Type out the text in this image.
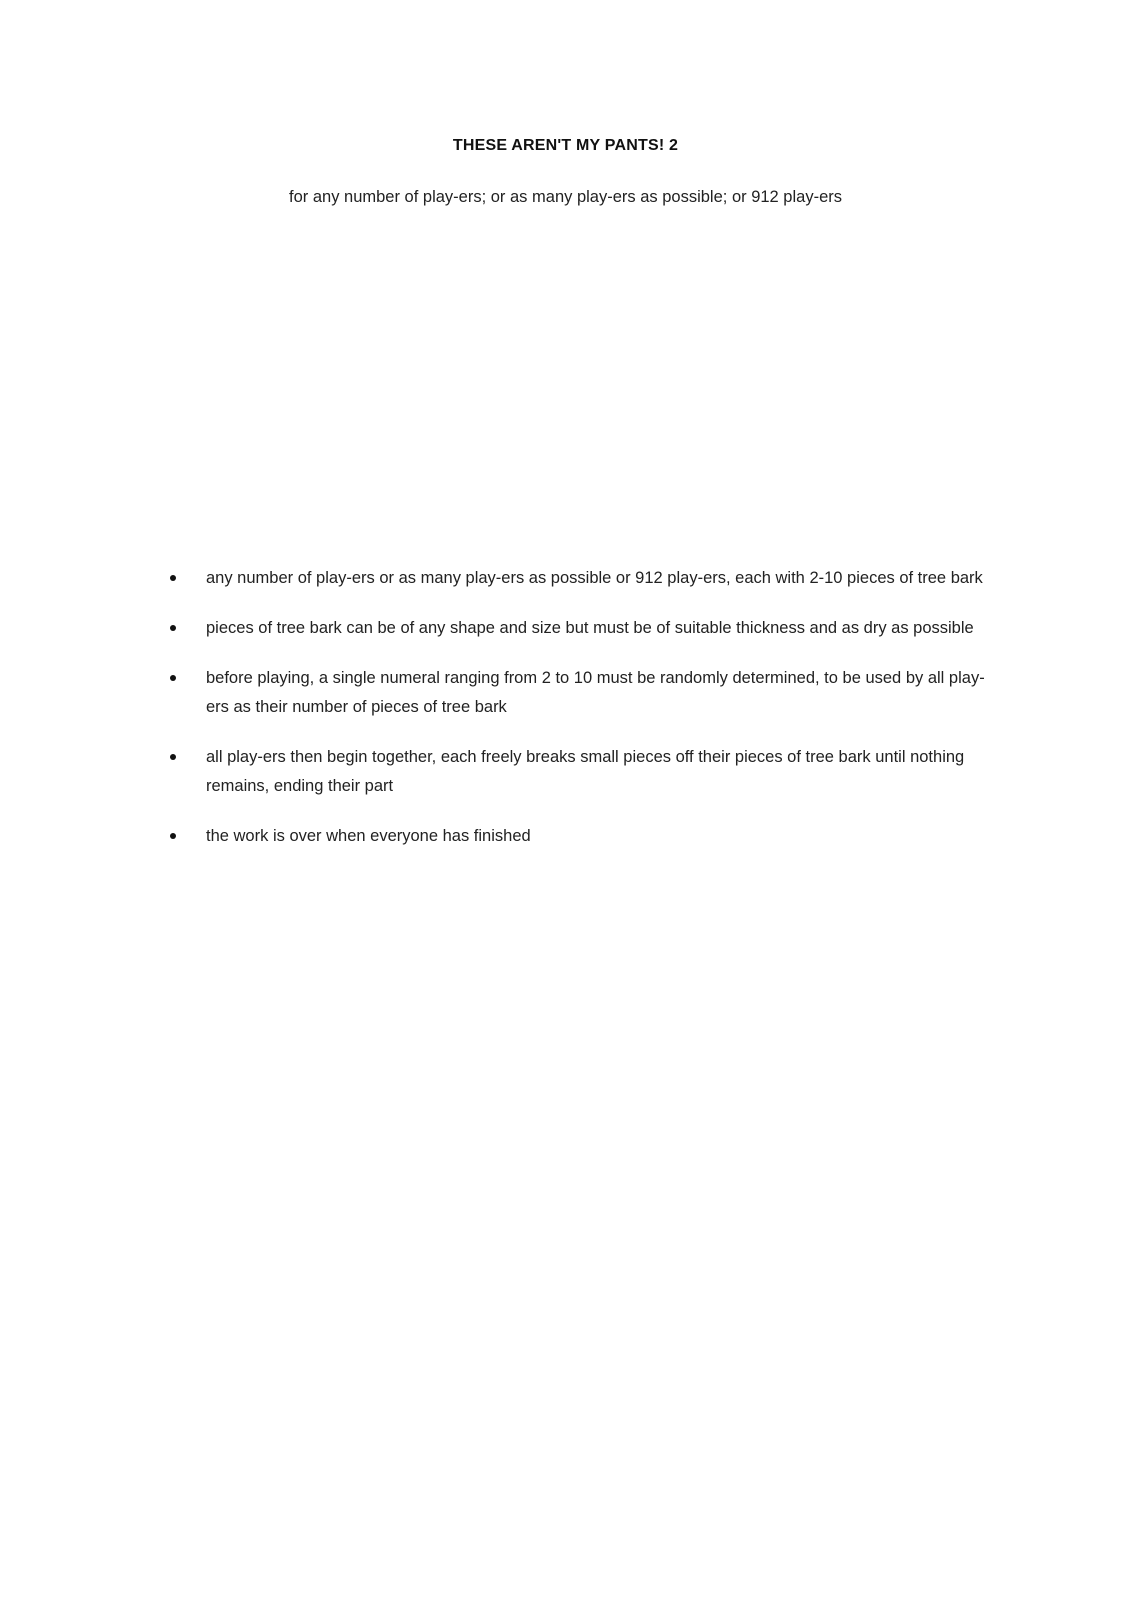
THESE AREN'T MY PANTS! 2
for any number of play-ers; or as many play-ers as possible; or 912 play-ers
any number of play-ers or as many play-ers as possible or 912 play-ers, each with 2-10 pieces of tree bark
pieces of tree bark can be of any shape and size but must be of suitable thickness and as dry as possible
before playing, a single numeral ranging from 2 to 10 must be randomly determined, to be used by all play-ers as their number of pieces of tree bark
all play-ers then begin together, each freely breaks small pieces off their pieces of tree bark until nothing remains, ending their part
the work is over when everyone has finished
